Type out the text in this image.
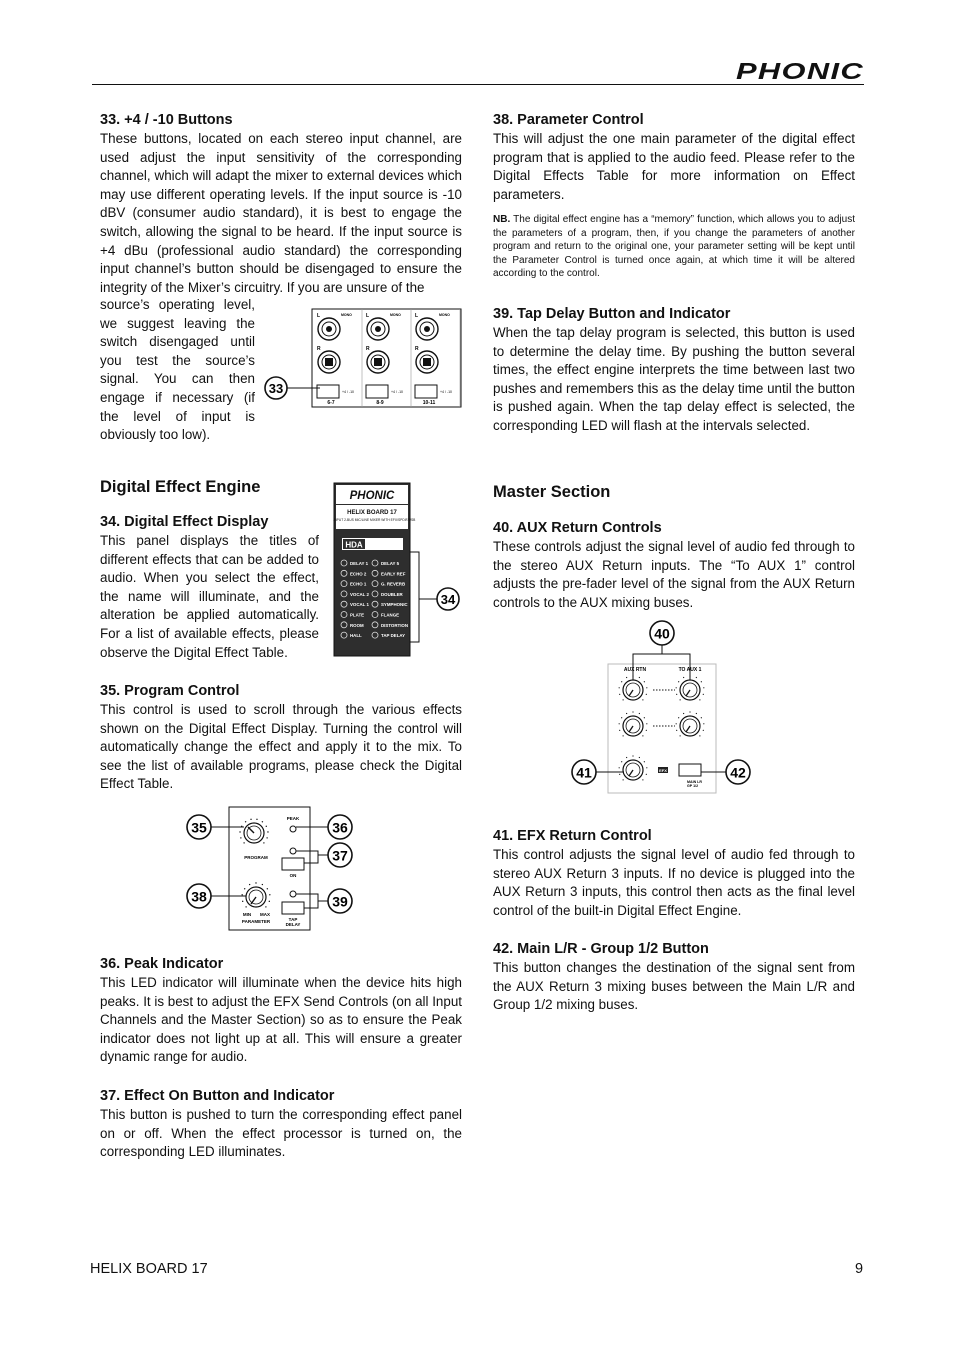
PHONIC

33. +4 / -10 Buttons

These buttons, located on each stereo input channel, are used adjust the input sensitivity of the corresponding channel, which will adapt the mixer to external devices which may use different operating levels. If the input source is -10 dBV (consumer audio standard), it is best to engage the switch, allowing the signal to be heard. If the input source is +4 dBu (professional audio standard) the corresponding input channel’s button should be disengaged to ensure the integrity of the Mixer’s circuitry. If you are unsure of the

source’s operating level, we suggest leaving the switch disengaged until you test the source’s signal. You can then engage if necessary (if the level of input is obviously too low).

L	MONO
R
+4 / -10
6-7
L	MONO
R
+4 / -10
8-9
L	MONO
R
+4 / -10
10-11
33

Digital Effect Engine

34. Digital Effect Display

This panel displays the titles of different effects that can be added to audio. When you select the effect, the name will illuminate, and the alteration be applied automatically. For a list of available effects, please observe the Digital Effect Table.

PHONIC
HELIX BOARD 17
17-INPUT 2-BUS MIC/LINE MIXER WITH EFX/SPDIF/USB
HDA
DELAY 1
ECHO 2
ECHO 1
VOCAL 2
VOCAL 1
PLATE
ROOM
HALL
DELAY 5
EARLY REF
G. REVERB
DOUBLER
SYMPHONIC
FLANGE
DISTORTION
TAP DELAY
34

35. Program Control

This control is used to scroll through the various effects shown on the Digital Effect Display. Turning the control will automatically change the effect and apply it to the mix. To see the list of available programs, please check the Digital Effect Table.

PROGRAM
PEAK
ON
MIN MAX
PARAMETER	TAP
DELAY
35
38
36
37
39

36. Peak Indicator

This LED indicator will illuminate when the device hits high peaks. It is best to adjust the EFX Send Controls (on all Input Channels and the Master Section) so as to ensure the Peak indicator does not light up at all. This will ensure a greater dynamic range for audio.

37. Effect On Button and Indicator

This button is pushed to turn the corresponding effect panel on or off. When the effect processor is turned on, the corresponding LED illuminates.

38. Parameter Control

This will adjust the one main parameter of the digital effect program that is applied to the audio feed. Please refer to the Digital Effects Table for more information on Effect parameters.

NB. The digital effect engine has a “memory” function, which allows you to adjust the parameters of a program, then, if you change the parameters of another program and return to the original one, your parameter setting will be kept until the Parameter Control is turned once again, at which time it will be altered according to the control.

39. Tap Delay Button and Indicator

When the tap delay program is selected, this button is used to determine the delay time. By pushing the button several times, the effect engine interprets the time between last two pushes and remembers this as the delay time until the button is pushed again. When the tap delay effect is selected, the corresponding LED will flash at the intervals selected.

Master Section

40. AUX Return Controls

These controls adjust the signal level of audio fed through to the stereo AUX Return inputs. The “To AUX 1” control adjusts the pre-fader level of the signal from the AUX Return controls to the AUX mixing buses.

AUX RTN	TO AUX 1
EFX
MAIN LR
GP 1/2
40
41	42

41. EFX Return Control

This control adjusts the signal level of audio fed through to stereo AUX Return 3 inputs. If no device is plugged into the AUX Return 3 inputs, this control then acts as the final level control of the built-in Digital Effect Engine.

42. Main L/R - Group 1/2 Button

This button changes the destination of the signal sent from the AUX Return 3 mixing buses between the Main L/R and Group 1/2 mixing buses.

HELIX BOARD 17	9
